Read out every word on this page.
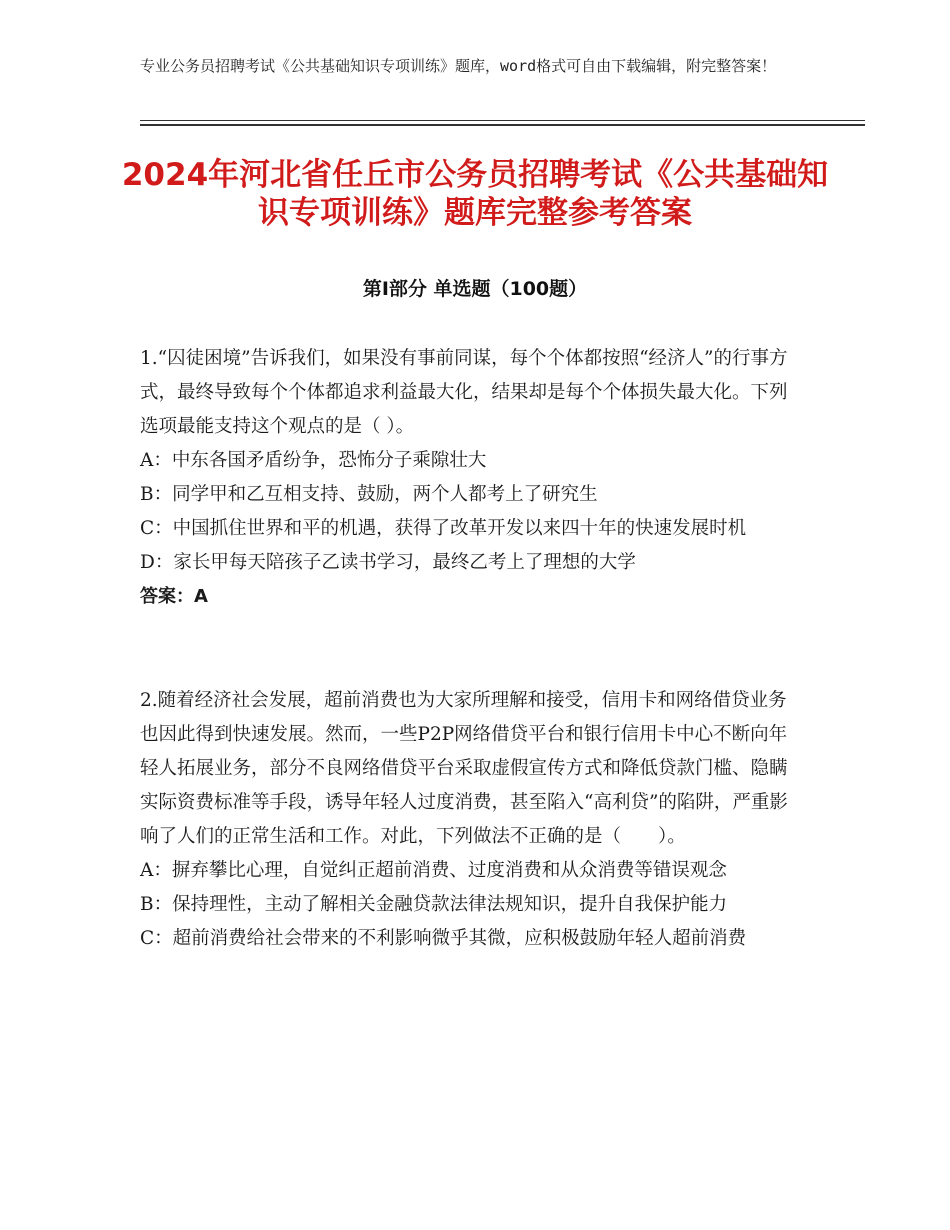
专业公务员招聘考试《公共基础知识专项训练》题库，word格式可自由下载编辑，附完整答案！
2024年河北省任丘市公务员招聘考试《公共基础知识专项训练》题库完整参考答案
第Ⅰ部分 单选题（100题）

1.“囚徒困境”告诉我们，如果没有事前同谋，每个个体都按照“经济人”的行事方式，最终导致每个个体都追求利益最大化，结果却是每个个体损失最大化。下列选项最能支持这个观点的是（ ）。

A：中东各国矛盾纷争，恐怖分子乘隙壮大

B：同学甲和乙互相支持、鼓励，两个人都考上了研究生

C：中国抓住世界和平的机遇，获得了改革开发以来四十年的快速发展时机

D：家长甲每天陪孩子乙读书学习，最终乙考上了理想的大学

答案：A

2.随着经济社会发展，超前消费也为大家所理解和接受，信用卡和网络借贷业务也因此得到快速发展。然而，一些P2P网络借贷平台和银行信用卡中心不断向年轻人拓展业务，部分不良网络借贷平台采取虚假宣传方式和降低贷款门槛、隐瞒实际资费标准等手段，诱导年轻人过度消费，甚至陷入“高利贷”的陷阱，严重影响了人们的正常生活和工作。对此，下列做法不正确的是（　　）。

A：摒弃攀比心理，自觉纠正超前消费、过度消费和从众消费等错误观念

B：保持理性，主动了解相关金融贷款法律法规知识，提升自我保护能力

C：超前消费给社会带来的不利影响微乎其微，应积极鼓励年轻人超前消费
